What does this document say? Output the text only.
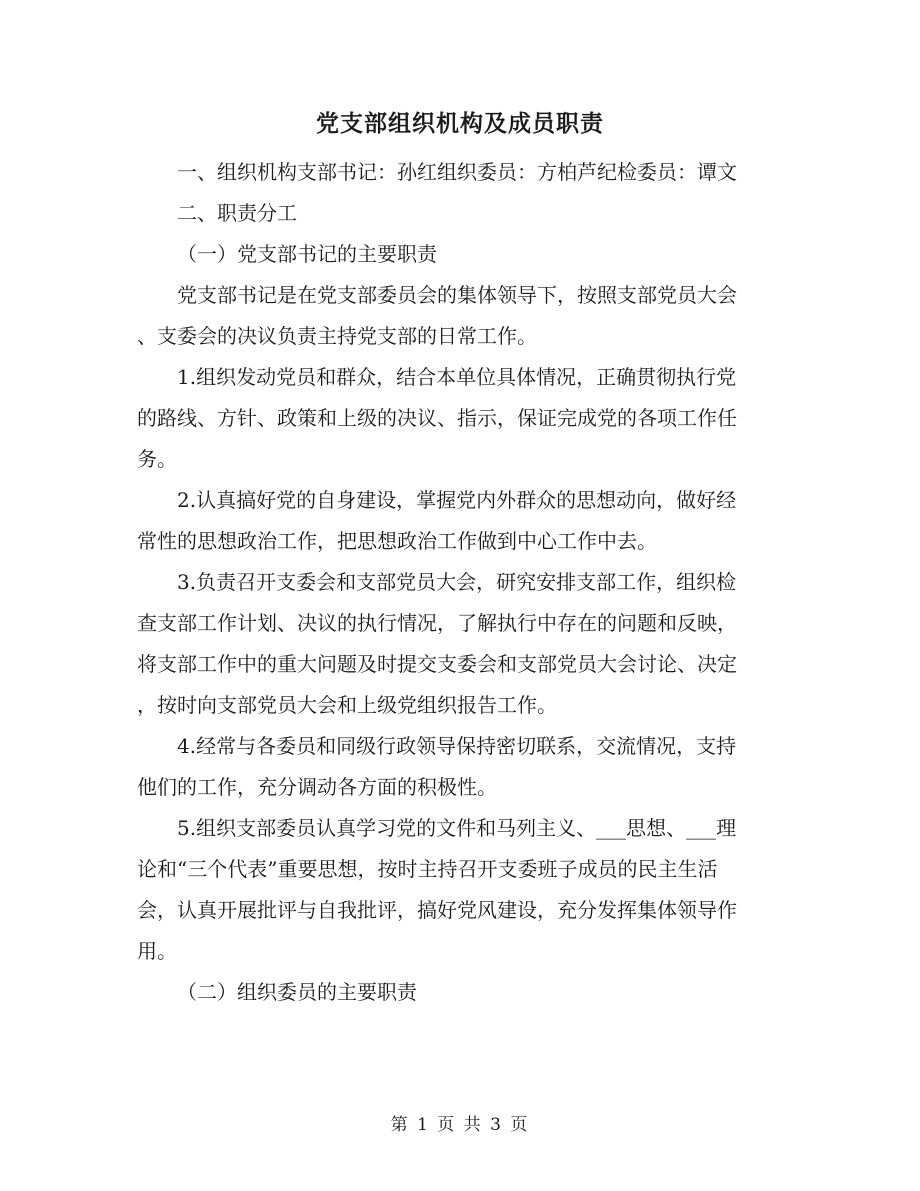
党支部组织机构及成员职责

一、组织机构支部书记：孙红组织委员：方柏芦纪检委员：谭文

二、职责分工

（一）党支部书记的主要职责

党支部书记是在党支部委员会的集体领导下，按照支部党员大会
、支委会的决议负责主持党支部的日常工作。

1.组织发动党员和群众，结合本单位具体情况，正确贯彻执行党
的路线、方针、政策和上级的决议、指示，保证完成党的各项工作任
务。

2.认真搞好党的自身建设，掌握党内外群众的思想动向，做好经
常性的思想政治工作，把思想政治工作做到中心工作中去。

3.负责召开支委会和支部党员大会，研究安排支部工作，组织检
查支部工作计划、决议的执行情况，了解执行中存在的问题和反映，
将支部工作中的重大问题及时提交支委会和支部党员大会讨论、决定
，按时向支部党员大会和上级党组织报告工作。

4.经常与各委员和同级行政领导保持密切联系，交流情况，支持
他们的工作，充分调动各方面的积极性。

5.组织支部委员认真学习党的文件和马列主义、___思想、___理
论和“三个代表”重要思想，按时主持召开支委班子成员的民主生活
会，认真开展批评与自我批评，搞好党风建设，充分发挥集体领导作
用。

（二）组织委员的主要职责

第 1 页 共 3 页
